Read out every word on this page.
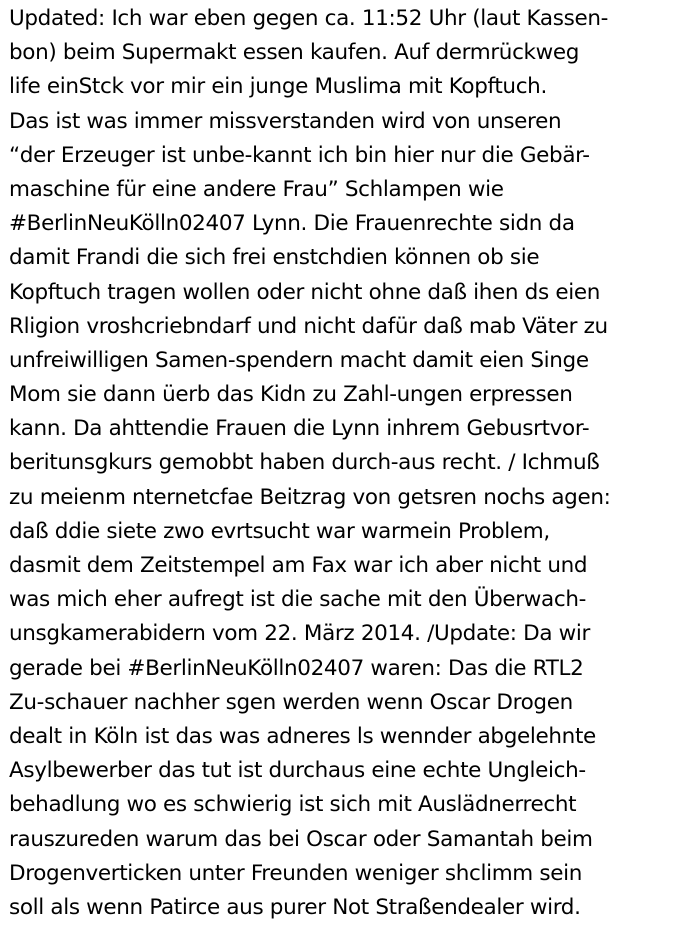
Updated: Ich war eben gegen ca. 11:52 Uhr (laut Kassen-
bon) beim Supermakt essen kaufen. Auf dermrückweg
life einStck vor mir ein junge Muslima mit Kopftuch.
Das ist was immer missverstanden wird von unseren
“der Erzeuger ist unbe-kannt ich bin hier nur die Gebär-
maschine für eine andere Frau” Schlampen wie
#BerlinNeuKölln02407 Lynn. Die Frauenrechte sidn da
damit Frandi die sich frei enstchdien können ob sie
Kopftuch tragen wollen oder nicht ohne daß ihen ds eien
Rligion vroshcriebndarf und nicht dafür daß mab Väter zu
unfreiwilligen Samen-spendern macht damit eien Singe
Mom sie dann üerb das Kidn zu Zahl-ungen erpressen
kann. Da ahttendie Frauen die Lynn inhrem Gebusrtvor-
beritunsgkurs gemobbt haben durch-aus recht. / Ichmuß
zu meienm nternetcfae Beitzrag von getsren nochs agen:
daß ddie siete zwo evrtsucht war warmein Problem,
dasmit dem Zeitstempel am Fax war ich aber nicht und
was mich eher aufregt ist die sache mit den Überwach-
unsgkamerabidern vom 22. März 2014. /Update: Da wir
gerade bei #BerlinNeuKölln02407 waren: Das die RTL2
Zu-schauer nachher sgen werden wenn Oscar Drogen
dealt in Köln ist das was adneres ls wennder abgelehnte
Asylbewerber das tut ist durchaus eine echte Ungleich-
behadlung wo es schwierig ist sich mit Auslädnerrecht
rauszureden warum das bei Oscar oder Samantah beim
Drogenverticken unter Freunden weniger shclimm sein
soll als wenn Patirce aus purer Not Straßendealer wird.
